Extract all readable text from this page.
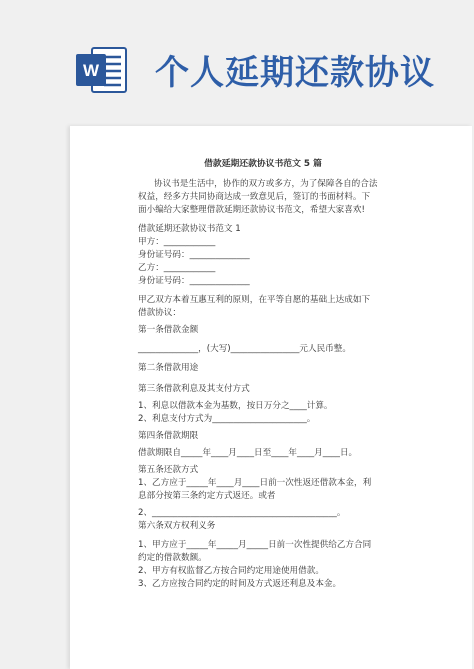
W 个人延期还款协议
借款延期还款协议书范文 5 篇
协议书是生活中，协作的双方或多方，为了保障各自的合法权益，经多方共同协商达成一致意见后，签订的书面材料。下面小编给大家整理借款延期还款协议书范文，希望大家喜欢!
借款延期还款协议书范文 1
甲方：____________
身份证号码：______________
乙方：____________
身份证号码：______________
甲乙双方本着互惠互利的原则，在平等自愿的基础上达成如下借款协议：
第一条借款金额
______________，(大写)________________元人民币整。
第二条借款用途
第三条借款利息及其支付方式
1、利息以借款本金为基数，按日万分之____计算。
2、利息支付方式为______________________。
第四条借款期限
借款期限自_____年____月____日至____年____月____日。
第五条还款方式
1、乙方应于_____年____月____日前一次性返还借款本金，利息部分按第三条约定方式返还。或者
2、___________________________________________。
第六条双方权利义务
1、甲方应于_____年_____月_____日前一次性提供给乙方合同约定的借款数额。
2、甲方有权监督乙方按合同约定用途使用借款。
3、乙方应按合同约定的时间及方式返还利息及本金。
